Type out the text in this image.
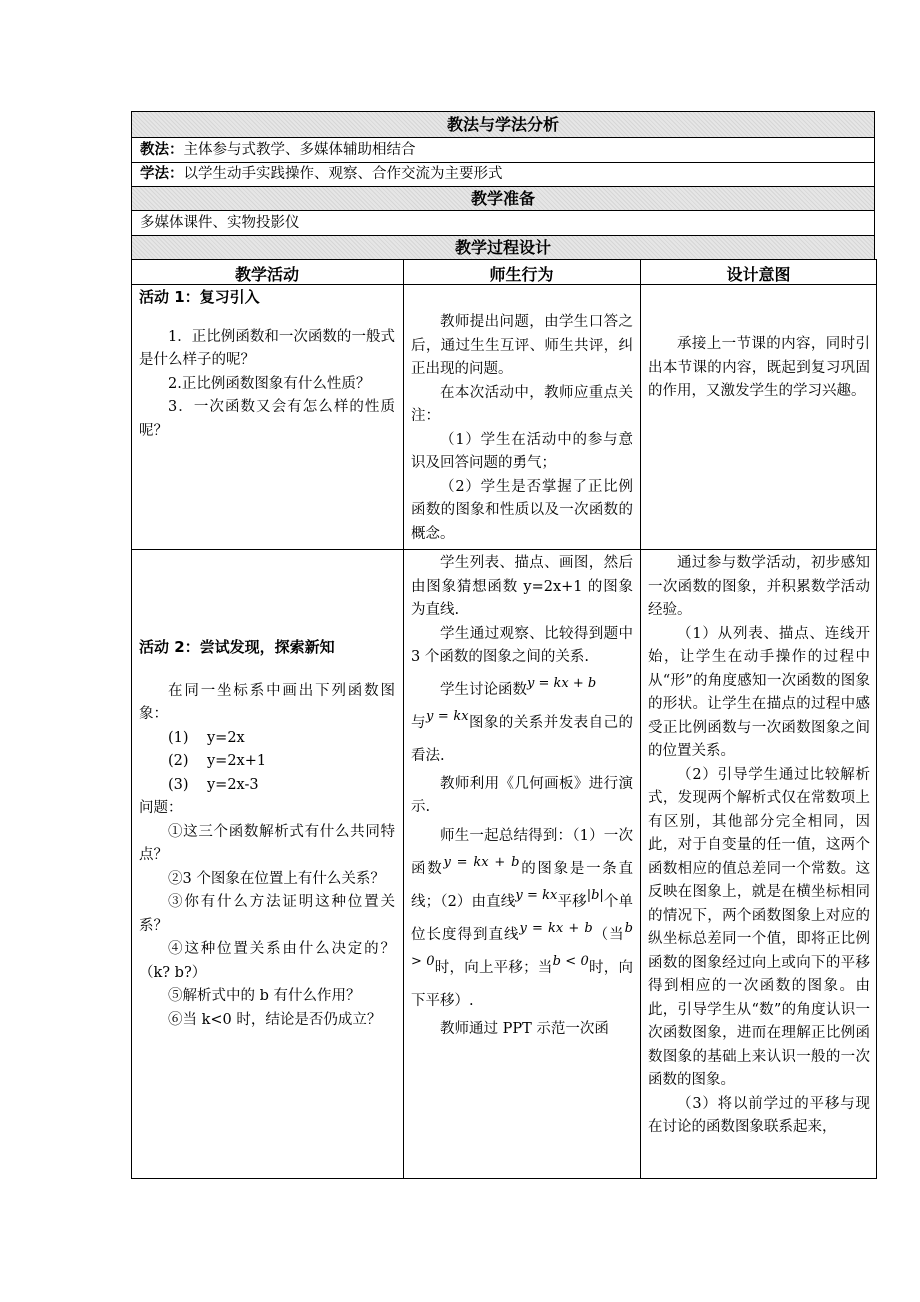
教法与学法分析
教法：主体参与式教学、多媒体辅助相结合
学法：以学生动手实践操作、观察、合作交流为主要形式
教学准备
多媒体课件、实物投影仪
教学过程设计
教学活动	师生行为	设计意图

活动 1：复习引入

1．正比例函数和一次函数的一般式是什么样子的呢？

2.正比例函数图象有什么性质？

3．一次函数又会有怎么样的性质呢？

教师提出问题，由学生口答之后，通过生生互评、师生共评，纠正出现的问题。

在本次活动中，教师应重点关注：

（1）学生在活动中的参与意识及回答问题的勇气；

（2）学生是否掌握了正比例函数的图象和性质以及一次函数的概念。

承接上一节课的内容，同时引出本节课的内容，既起到复习巩固的作用，又激发学生的学习兴趣。

活动 2：尝试发现，探索新知

在同一坐标系中画出下列函数图象：

(1)    y=2x

(2)    y=2x+1

(3)    y=2x-3

问题：

①这三个函数解析式有什么共同特点？

②3 个图象在位置上有什么关系？

③你有什么方法证明这种位置关系？

④这种位置关系由什么决定的？（k? b?）

⑤解析式中的 b 有什么作用？

⑥当 k<0 时，结论是否仍成立？

学生列表、描点、画图，然后由图象猜想函数 y=2x+1 的图象为直线.

学生通过观察、比较得到题中 3 个函数的图象之间的关系.

学生讨论函数y = kx + b

与y = kx图象的关系并发表自己的看法.

教师利用《几何画板》进行演示.

师生一起总结得到：（1）一次函数y = kx + b的图象是一条直线；（2）由直线y = kx平移|b|个单位长度得到直线y = kx + b（当b > 0时，向上平移；当b < 0时，向下平移）.

教师通过 PPT 示范一次函

通过参与数学活动，初步感知一次函数的图象，并积累数学活动经验。

（1）从列表、描点、连线开始，让学生在动手操作的过程中从“形”的角度感知一次函数的图象的形状。让学生在描点的过程中感受正比例函数与一次函数图象之间的位置关系。

（2）引导学生通过比较解析式，发现两个解析式仅在常数项上有区别，其他部分完全相同，因此，对于自变量的任一值，这两个函数相应的值总差同一个常数。这反映在图象上，就是在横坐标相同的情况下，两个函数图象上对应的纵坐标总差同一个值，即将正比例函数的图象经过向上或向下的平移得到相应的一次函数的图象。由此，引导学生从“数”的角度认识一次函数图象，进而在理解正比例函数图象的基础上来认识一般的一次函数的图象。

（3）将以前学过的平移与现在讨论的函数图象联系起来，
